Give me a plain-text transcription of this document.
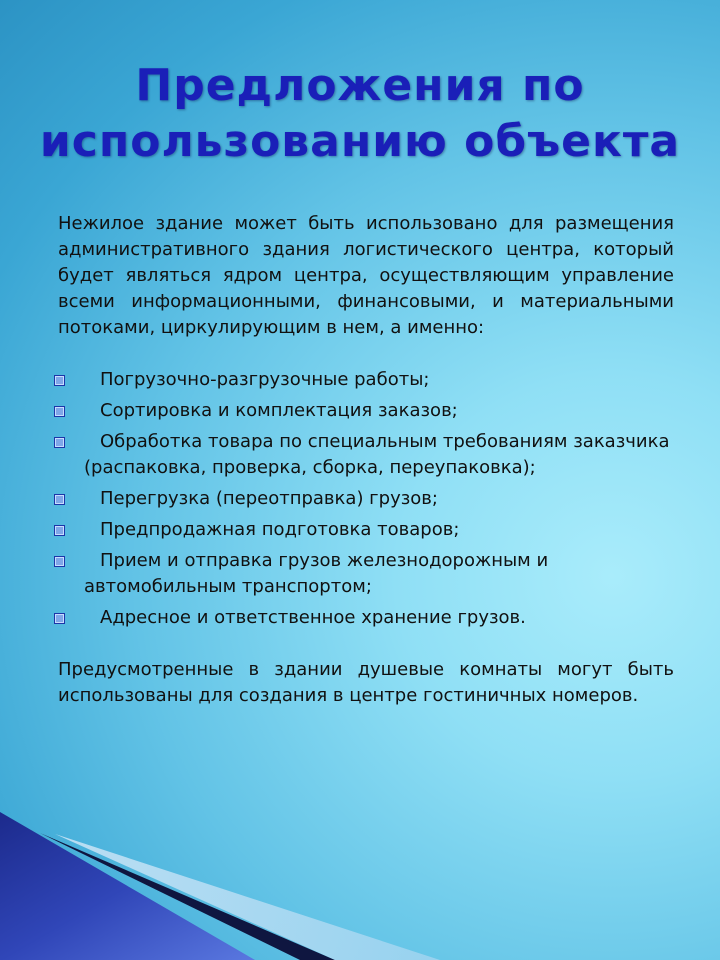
Предложения по
использованию объекта

Нежилое здание может быть использовано для размещения административного здания логистического центра, который будет являться ядром центра, осуществляющим управление всеми информационными, финансовыми, и материальными потоками, циркулирующим в нем, а именно:

Погрузочно-разгрузочные работы;
Сортировка и комплектация заказов;
Обработка товара по специальным требованиям заказчика (распаковка, проверка, сборка, переупаковка);
Перегрузка (переотправка) грузов;
Предпродажная подготовка товаров;
Прием и отправка грузов железнодорожным и автомобильным транспортом;
Адресное и ответственное хранение грузов.

Предусмотренные в здании душевые комнаты могут быть использованы для создания в центре гостиничных номеров.
